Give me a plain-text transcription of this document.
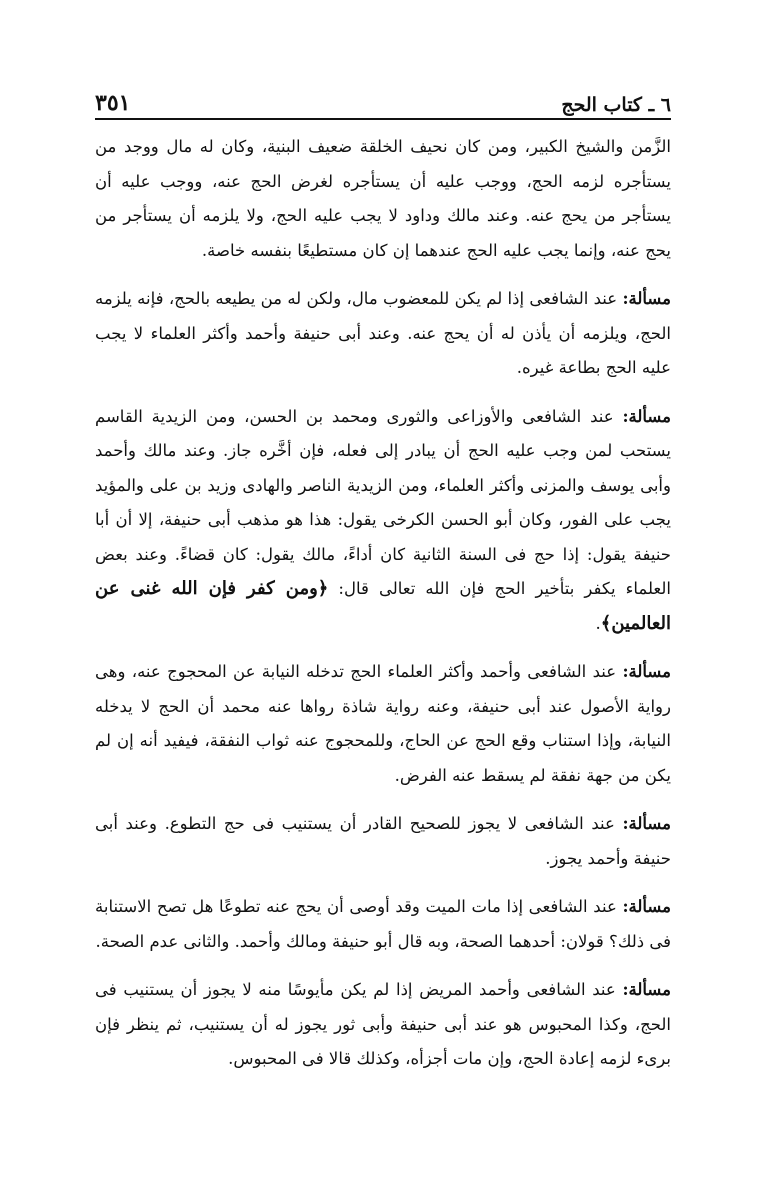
٦ ـ كتاب الحج
٣٥١

الزَّمن والشيخ الكبير، ومن كان نحيف الخلقة ضعيف البنية، وكان له مال ووجد من يستأجره لزمه الحج، ووجب عليه أن يستأجره لغرض الحج عنه، ووجب عليه أن يستأجر من يحج عنه. وعند مالك وداود لا يجب عليه الحج، ولا يلزمه أن يستأجر من يحج عنه، وإنما يجب عليه الحج عندهما إن كان مستطيعًا بنفسه خاصة.

مسألة: عند الشافعى إذا لم يكن للمعضوب مال، ولكن له من يطيعه بالحج، فإنه يلزمه الحج، ويلزمه أن يأذن له أن يحج عنه. وعند أبى حنيفة وأحمد وأكثر العلماء لا يجب عليه الحج بطاعة غيره.

مسألة: عند الشافعى والأوزاعى والثورى ومحمد بن الحسن، ومن الزيدية القاسم يستحب لمن وجب عليه الحج أن يبادر إلى فعله، فإن أخَّره جاز. وعند مالك وأحمد وأبى يوسف والمزنى وأكثر العلماء، ومن الزيدية الناصر والهادى وزيد بن على والمؤيد يجب على الفور، وكان أبو الحسن الكرخى يقول: هذا هو مذهب أبى حنيفة، إلا أن أبا حنيفة يقول: إذا حج فى السنة الثانية كان أداءً، مالك يقول: كان قضاءً. وعند بعض العلماء يكفر بتأخير الحج فإن الله تعالى قال: ﴿ومن كفر فإن الله غنى عن العالمين﴾.

مسألة: عند الشافعى وأحمد وأكثر العلماء الحج تدخله النيابة عن المحجوج عنه، وهى رواية الأصول عند أبى حنيفة، وعنه رواية شاذة رواها عنه محمد أن الحج لا يدخله النيابة، وإذا استناب وقع الحج عن الحاج، وللمحجوج عنه ثواب النفقة، فيفيد أنه إن لم يكن من جهة نفقة لم يسقط عنه الفرض.

مسألة: عند الشافعى لا يجوز للصحيح القادر أن يستنيب فى حج التطوع. وعند أبى حنيفة وأحمد يجوز.

مسألة: عند الشافعى إذا مات الميت وقد أوصى أن يحج عنه تطوعًا هل تصح الاستنابة فى ذلك؟ قولان: أحدهما الصحة، وبه قال أبو حنيفة ومالك وأحمد. والثانى عدم الصحة.

مسألة: عند الشافعى وأحمد المريض إذا لم يكن مأيوسًا منه لا يجوز أن يستنيب فى الحج، وكذا المحبوس هو عند أبى حنيفة وأبى ثور يجوز له أن يستنيب، ثم ينظر فإن برىء لزمه إعادة الحج، وإن مات أجزأه، وكذلك قالا فى المحبوس.
